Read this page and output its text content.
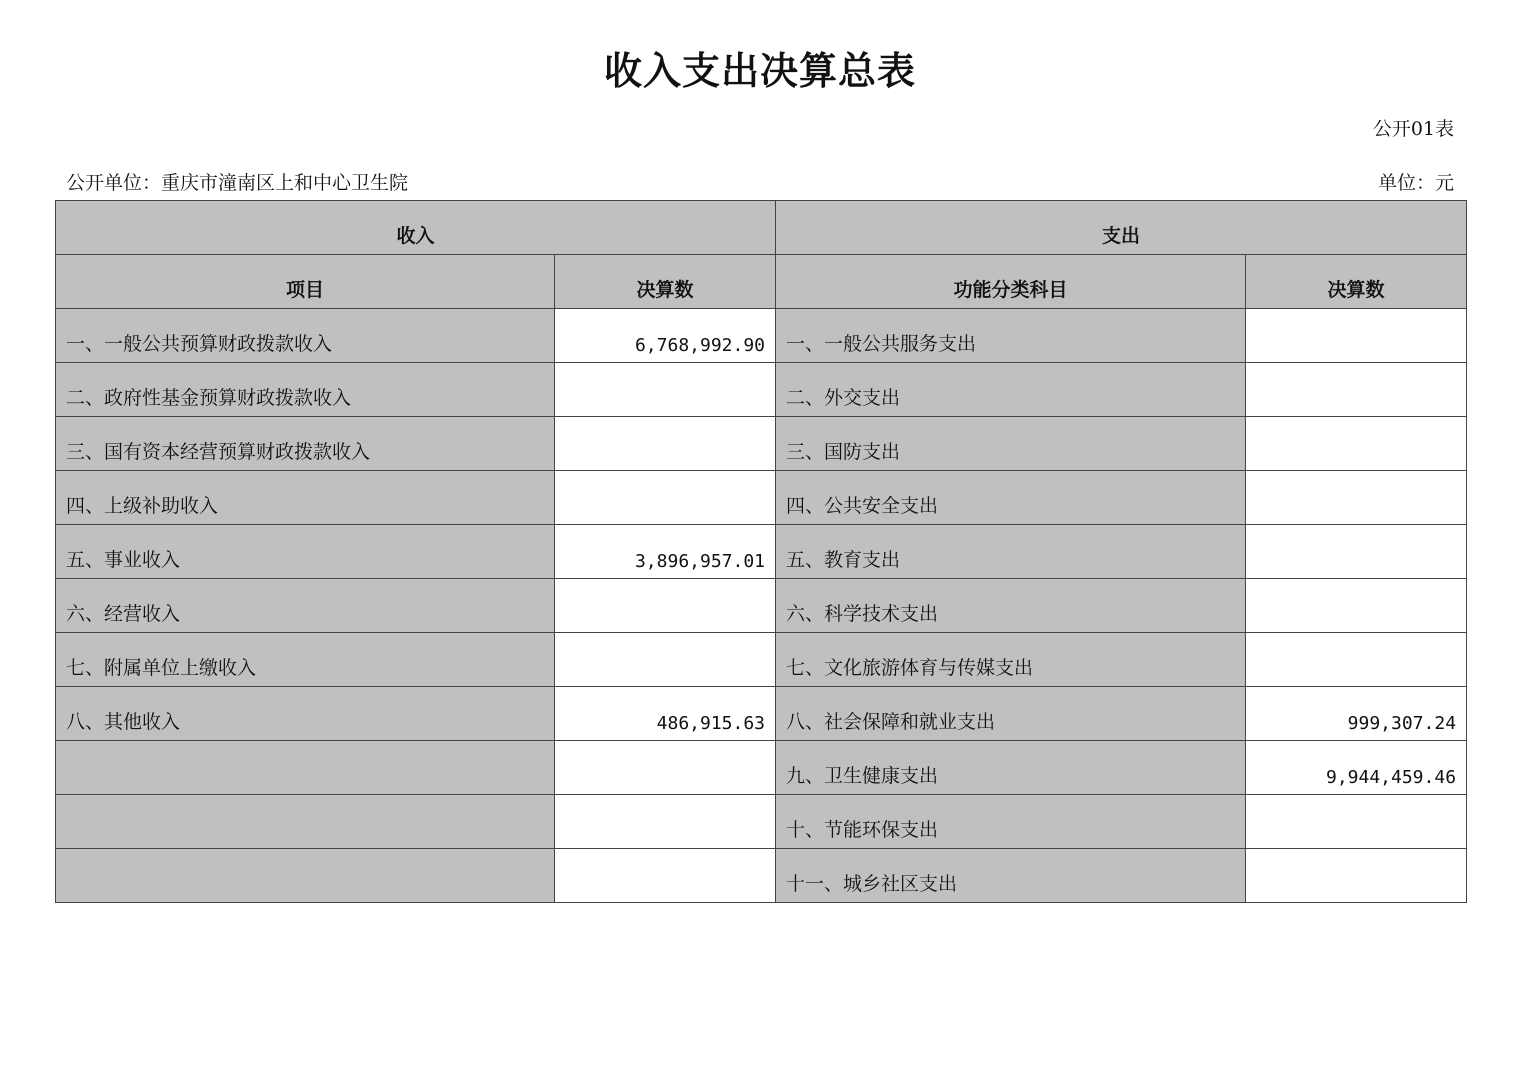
收入支出决算总表
公开01表
公开单位：重庆市潼南区上和中心卫生院	单位：元
收入		支出	
项目	决算数	功能分类科目	决算数
一、一般公共预算财政拨款收入	6,768,992.90	一、一般公共服务支出	
二、政府性基金预算财政拨款收入		二、外交支出	
三、国有资本经营预算财政拨款收入		三、国防支出	
四、上级补助收入		四、公共安全支出	
五、事业收入	3,896,957.01	五、教育支出	
六、经营收入		六、科学技术支出	
七、附属单位上缴收入		七、文化旅游体育与传媒支出	
八、其他收入	486,915.63	八、社会保障和就业支出	999,307.24
		九、卫生健康支出	9,944,459.46
		十、节能环保支出	
		十一、城乡社区支出	
